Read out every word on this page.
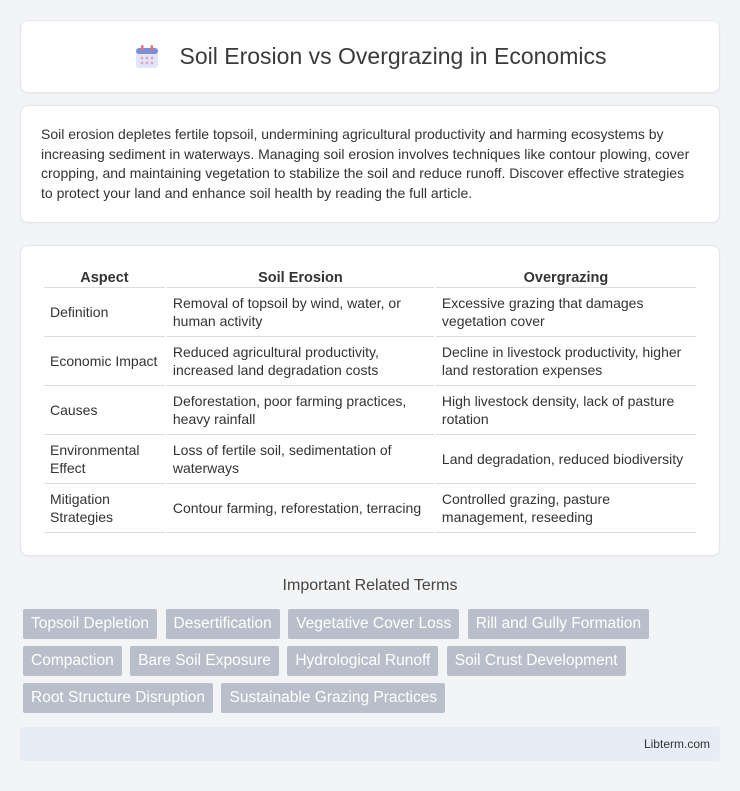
Soil Erosion vs Overgrazing in Economics

Soil erosion depletes fertile topsoil, undermining agricultural productivity and harming ecosystems by increasing sediment in waterways. Managing soil erosion involves techniques like contour plowing, cover cropping, and maintaining vegetation to stabilize the soil and reduce runoff. Discover effective strategies to protect your land and enhance soil health by reading the full article.

Aspect	Soil Erosion	Overgrazing
Definition	Removal of topsoil by wind, water, or human activity	Excessive grazing that damages vegetation cover
Economic Impact	Reduced agricultural productivity, increased land degradation costs	Decline in livestock productivity, higher land restoration expenses
Causes	Deforestation, poor farming practices, heavy rainfall	High livestock density, lack of pasture rotation
Environmental Effect	Loss of fertile soil, sedimentation of waterways	Land degradation, reduced biodiversity
Mitigation Strategies	Contour farming, reforestation, terracing	Controlled grazing, pasture management, reseeding
Important Related Terms
Topsoil Depletion Desertification Vegetative Cover Loss Rill and Gully Formation Compaction Bare Soil Exposure Hydrological Runoff Soil Crust Development Root Structure Disruption Sustainable Grazing Practices
Libterm.com
